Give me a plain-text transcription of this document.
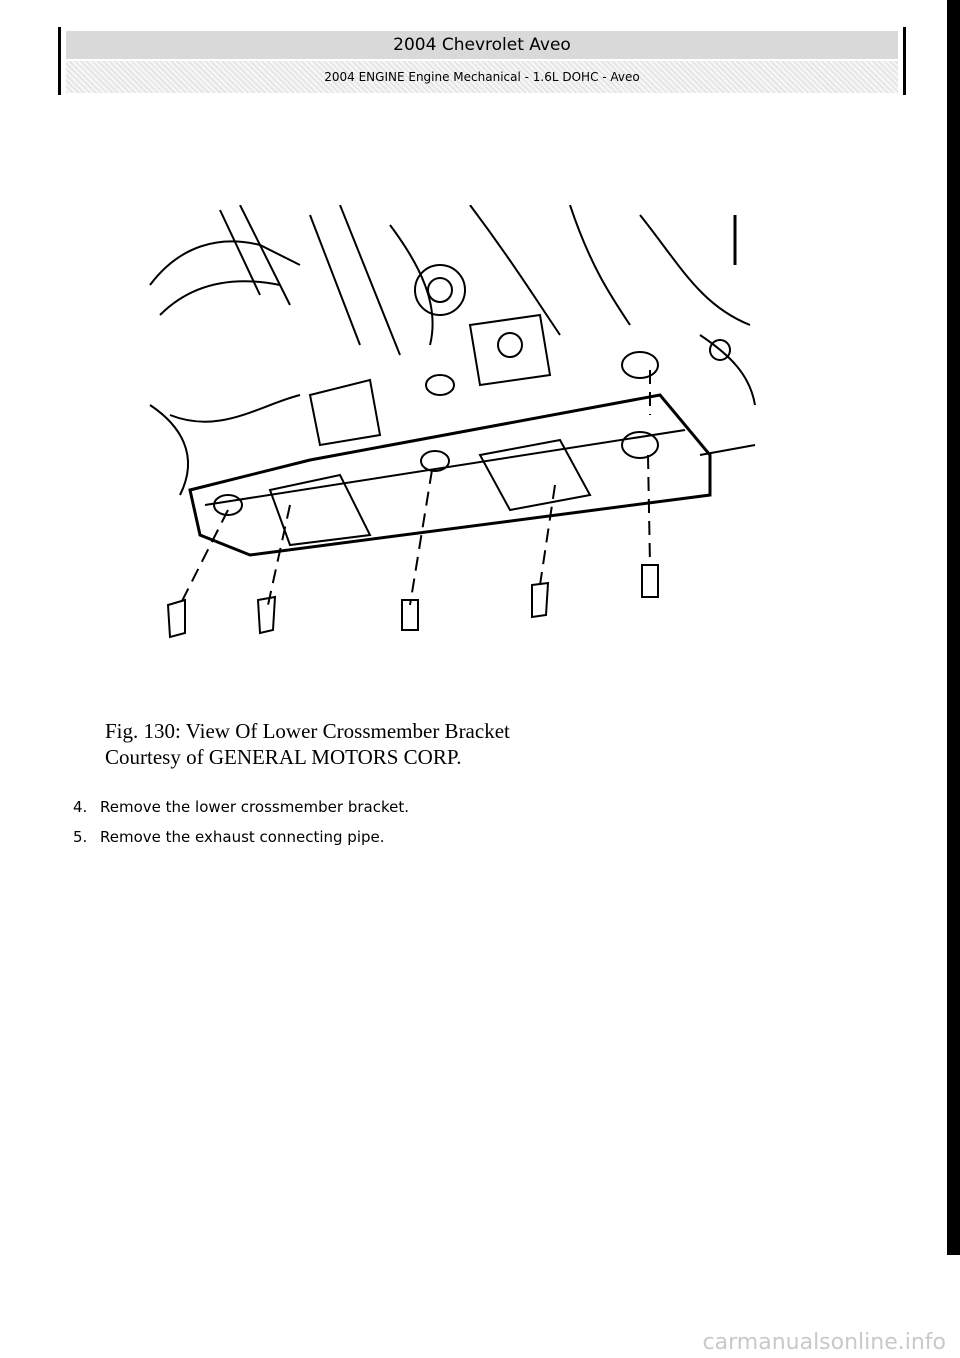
2004 Chevrolet Aveo
2004 ENGINE Engine Mechanical - 1.6L DOHC - Aveo
Fig. 130: View Of Lower Crossmember Bracket
Courtesy of GENERAL MOTORS CORP.
4. Remove the lower crossmember bracket.
5. Remove the exhaust connecting pipe.
carmanualsonline.info
